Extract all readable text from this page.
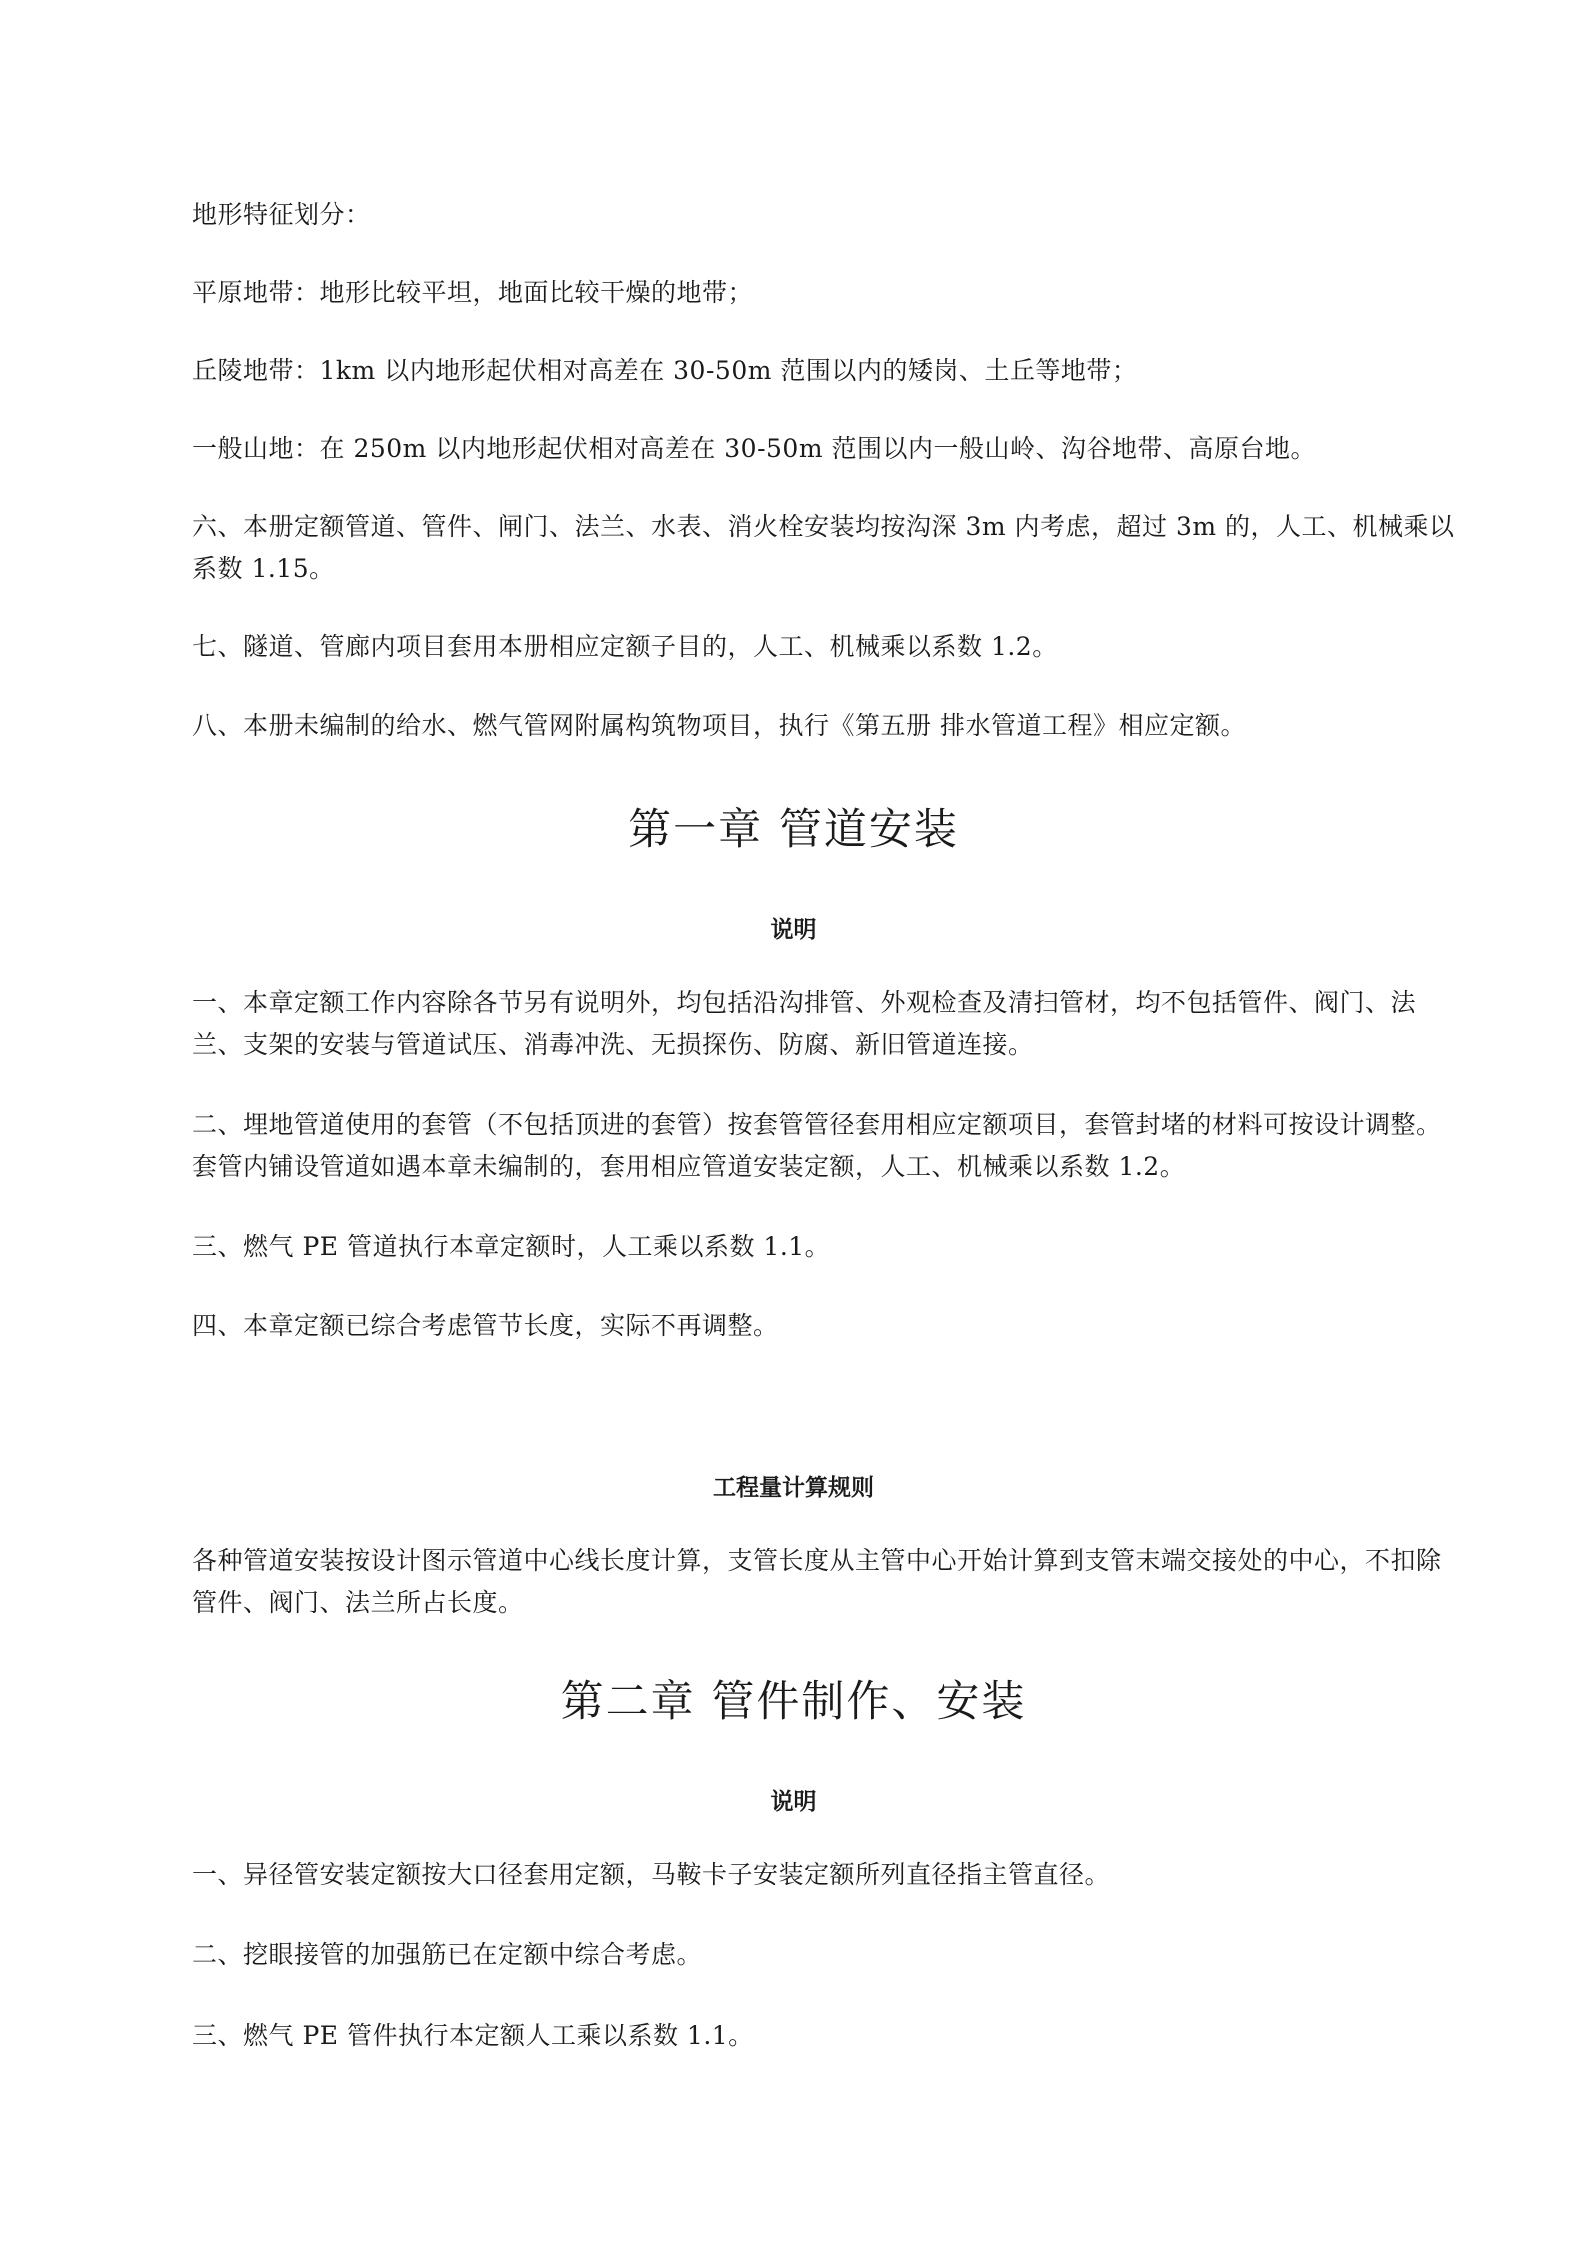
地形特征划分：

平原地带：地形比较平坦，地面比较干燥的地带；

丘陵地带：1km 以内地形起伏相对高差在 30-50m 范围以内的矮岗、土丘等地带；

一般山地：在 250m 以内地形起伏相对高差在 30-50m 范围以内一般山岭、沟谷地带、高原台地。

六、本册定额管道、管件、闸门、法兰、水表、消火栓安装均按沟深 3m 内考虑，超过 3m 的，人工、机械乘以系数 1.15。

七、隧道、管廊内项目套用本册相应定额子目的，人工、机械乘以系数 1.2。

八、本册未编制的给水、燃气管网附属构筑物项目，执行《第五册 排水管道工程》相应定额。

第一章 管道安装
说明

一、本章定额工作内容除各节另有说明外，均包括沿沟排管、外观检查及清扫管材，均不包括管件、阀门、法兰、支架的安装与管道试压、消毒冲洗、无损探伤、防腐、新旧管道连接。

二、埋地管道使用的套管（不包括顶进的套管）按套管管径套用相应定额项目，套管封堵的材料可按设计调整。套管内铺设管道如遇本章未编制的，套用相应管道安装定额，人工、机械乘以系数 1.2。

三、燃气 PE 管道执行本章定额时，人工乘以系数 1.1。

四、本章定额已综合考虑管节长度，实际不再调整。

工程量计算规则

各种管道安装按设计图示管道中心线长度计算，支管长度从主管中心开始计算到支管末端交接处的中心，不扣除管件、阀门、法兰所占长度。

第二章 管件制作、安装
说明

一、异径管安装定额按大口径套用定额，马鞍卡子安装定额所列直径指主管直径。

二、挖眼接管的加强筋已在定额中综合考虑。

三、燃气 PE 管件执行本定额人工乘以系数 1.1。
